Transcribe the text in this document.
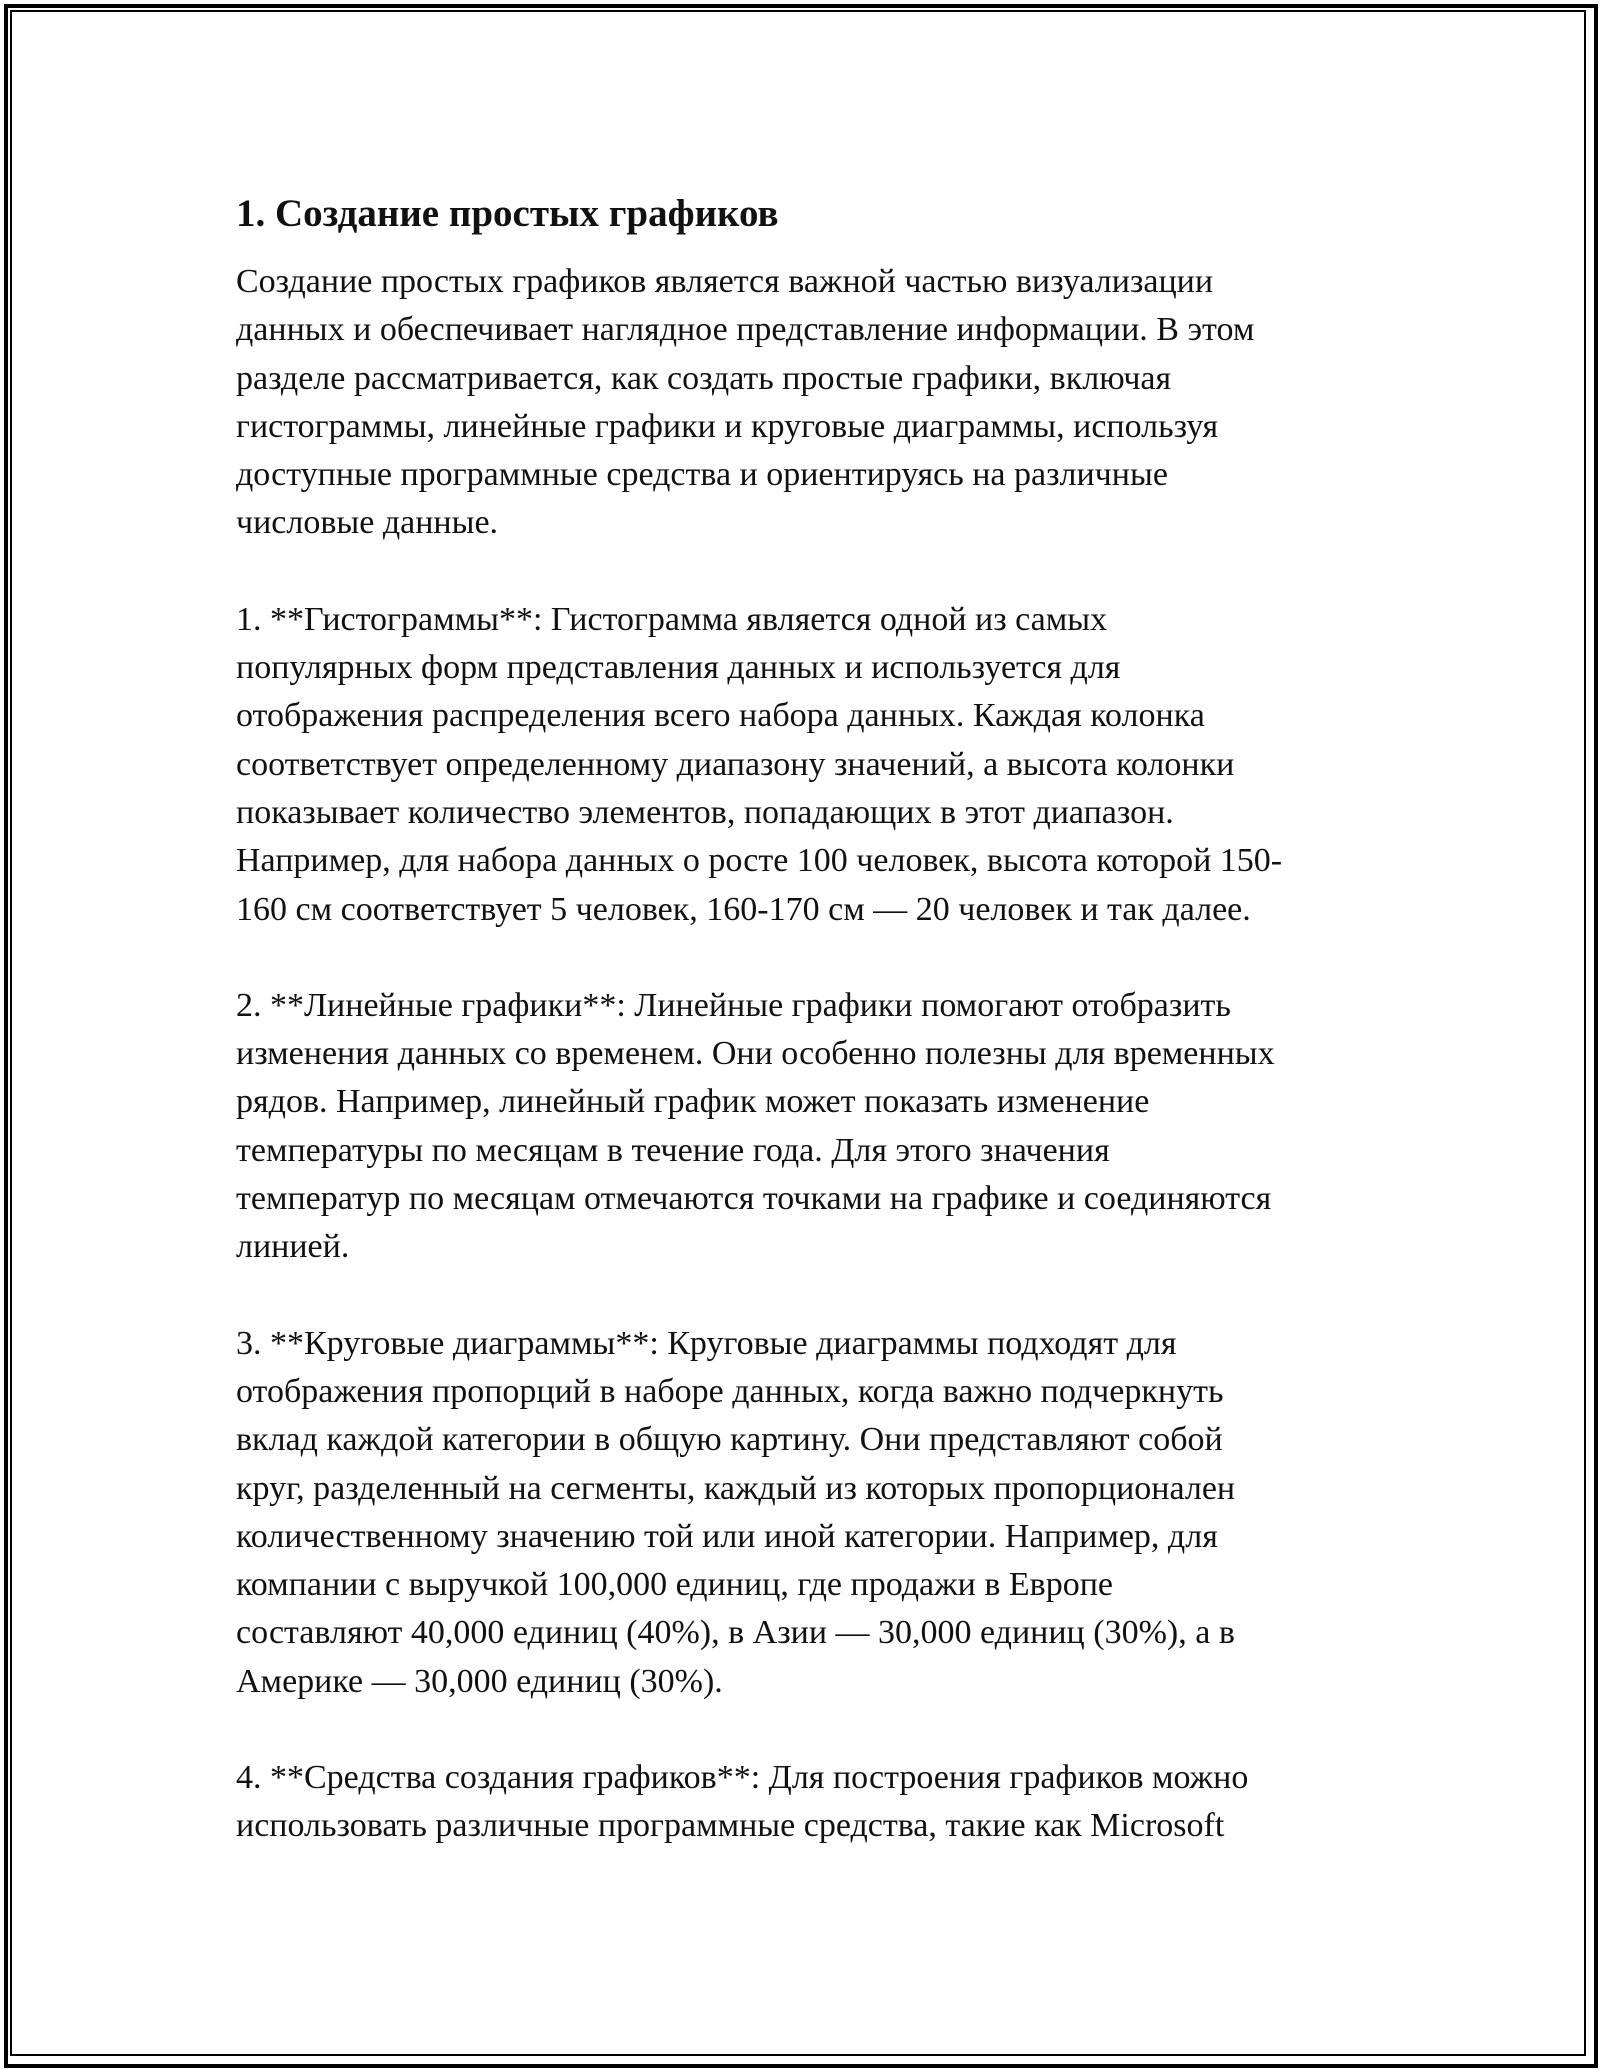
1. Создание простых графиков

Создание простых графиков является важной частью визуализации
данных и обеспечивает наглядное представление информации. В этом
разделе рассматривается, как создать простые графики, включая
гистограммы, линейные графики и круговые диаграммы, используя
доступные программные средства и ориентируясь на различные
числовые данные.

1. **Гистограммы**: Гистограмма является одной из самых
популярных форм представления данных и используется для
отображения распределения всего набора данных. Каждая колонка
соответствует определенному диапазону значений, а высота колонки
показывает количество элементов, попадающих в этот диапазон.
Например, для набора данных о росте 100 человек, высота которой 150-
160 см соответствует 5 человек, 160-170 см — 20 человек и так далее.

2. **Линейные графики**: Линейные графики помогают отобразить
изменения данных со временем. Они особенно полезны для временных
рядов. Например, линейный график может показать изменение
температуры по месяцам в течение года. Для этого значения
температур по месяцам отмечаются точками на графике и соединяются
линией.

3. **Круговые диаграммы**: Круговые диаграммы подходят для
отображения пропорций в наборе данных, когда важно подчеркнуть
вклад каждой категории в общую картину. Они представляют собой
круг, разделенный на сегменты, каждый из которых пропорционален
количественному значению той или иной категории. Например, для
компании с выручкой 100,000 единиц, где продажи в Европе
составляют 40,000 единиц (40%), в Азии — 30,000 единиц (30%), а в
Америке — 30,000 единиц (30%).

4. **Средства создания графиков**: Для построения графиков можно
использовать различные программные средства, такие как Microsoft
